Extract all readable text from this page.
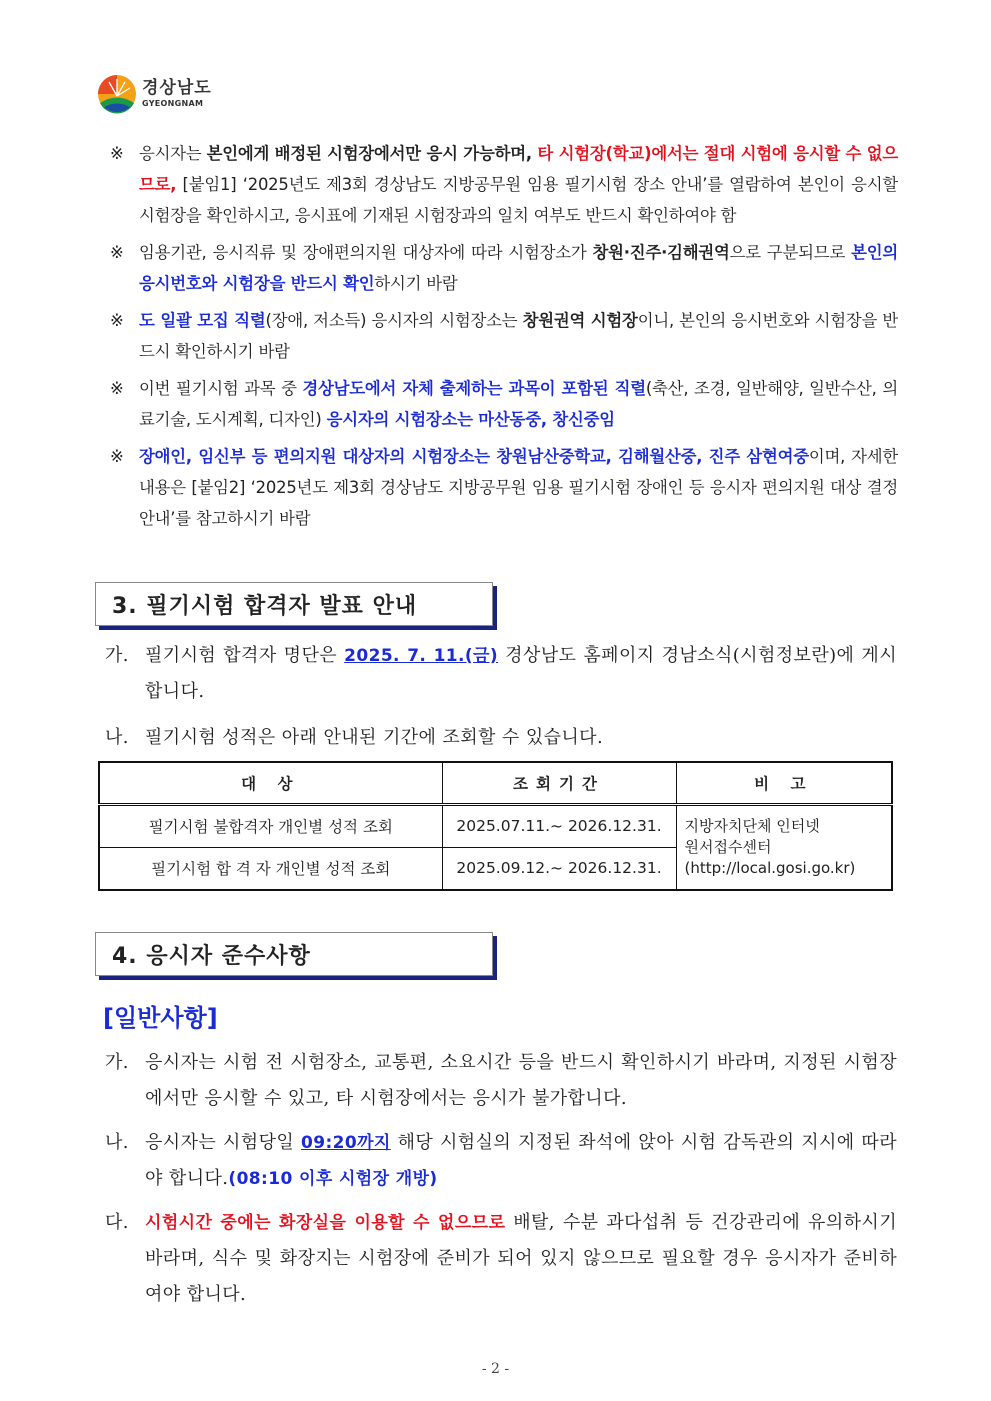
경상남도
GYEONGNAM
※ 응시자는 본인에게 배정된 시험장에서만 응시 가능하며, 타 시험장(학교)에서는 절대 시험에 응시할 수 없으므로, [붙임1] ‘2025년도 제3회 경상남도 지방공무원 임용 필기시험 장소 안내’를 열람하여 본인이 응시할 시험장을 확인하시고, 응시표에 기재된 시험장과의 일치 여부도 반드시 확인하여야 함
※ 임용기관, 응시직류 및 장애편의지원 대상자에 따라 시험장소가 창원·진주·김해권역으로 구분되므로 본인의 응시번호와 시험장을 반드시 확인하시기 바람
※ 도 일괄 모집 직렬(장애, 저소득) 응시자의 시험장소는 창원권역 시험장이니, 본인의 응시번호와 시험장을 반드시 확인하시기 바람
※ 이번 필기시험 과목 중 경상남도에서 자체 출제하는 과목이 포함된 직렬(축산, 조경, 일반해양, 일반수산, 의료기술, 도시계획, 디자인) 응시자의 시험장소는 마산동중, 창신중임
※ 장애인, 임신부 등 편의지원 대상자의 시험장소는 창원남산중학교, 김해월산중, 진주 삼현여중이며, 자세한 내용은 [붙임2] ‘2025년도 제3회 경상남도 지방공무원 임용 필기시험 장애인 등 응시자 편의지원 대상 결정 안내’를 참고하시기 바람
3. 필기시험 합격자 발표 안내
가. 필기시험 합격자 명단은 2025. 7. 11.(금) 경상남도 홈페이지 경남소식(시험정보란)에 게시합니다.
나. 필기시험 성적은 아래 안내된 기간에 조회할 수 있습니다.
대 상	조회기간	비 고
필기시험 불합격자 개인별 성적 조회	2025.07.11.~ 2026.12.31.	지방자치단체 인터넷
원서접수센터
(http://local.gosi.go.kr)

필기시험 합 격 자 개인별 성적 조회	2025.09.12.~ 2026.12.31.	
4. 응시자 준수사항
[일반사항]
가. 응시자는 시험 전 시험장소, 교통편, 소요시간 등을 반드시 확인하시기 바라며, 지정된 시험장에서만 응시할 수 있고, 타 시험장에서는 응시가 불가합니다.
나. 응시자는 시험당일 09:20까지 해당 시험실의 지정된 좌석에 앉아 시험 감독관의 지시에 따라야 합니다.(08:10 이후 시험장 개방)
다. 시험시간 중에는 화장실을 이용할 수 없으므로 배탈, 수분 과다섭취 등 건강관리에 유의하시기 바라며, 식수 및 화장지는 시험장에 준비가 되어 있지 않으므로 필요할 경우 응시자가 준비하여야 합니다.
- 2 -
